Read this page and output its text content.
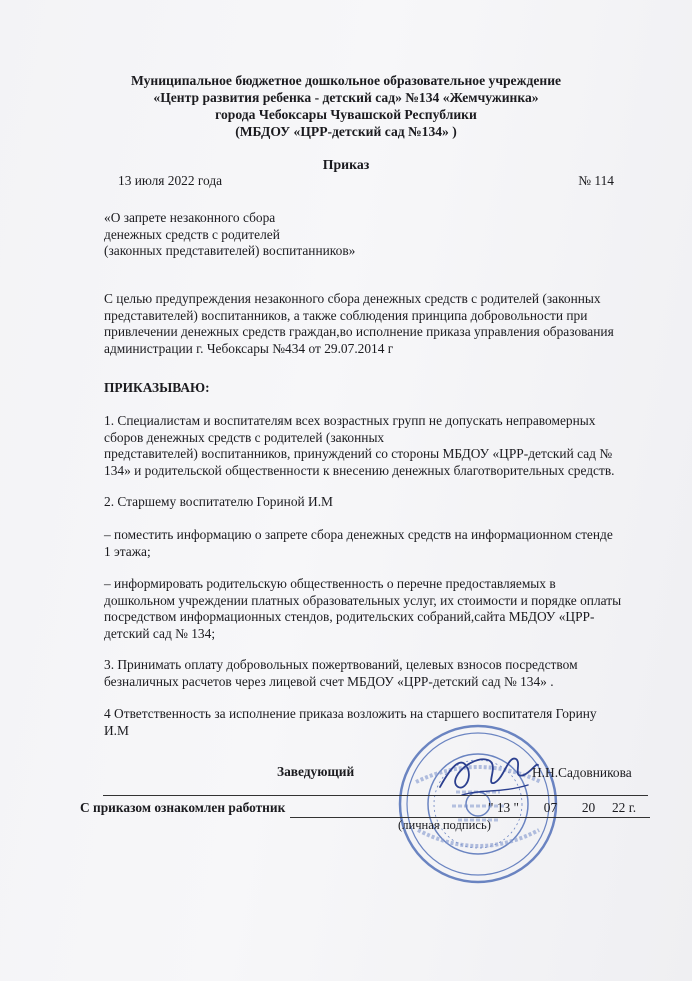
Муниципальное бюджетное дошкольное образовательное учреждение
«Центр развития ребенка - детский сад» №134 «Жемчужинка»
города Чебоксары Чувашской Республики
(МБДОУ «ЦРР-детский сад №134» )
Приказ
13 июля 2022 года	№ 114
«О запрете незаконного сбора
денежных средств с родителей
(законных представителей) воспитанников»
С целью предупреждения незаконного сбора денежных средств с родителей (законных
представителей) воспитанников, а также соблюдения принципа добровольности при
привлечении денежных средств граждан,во исполнение приказа управления образования
администрации г. Чебоксары №434 от 29.07.2014 г
ПРИКАЗЫВАЮ:
1. Специалистам и воспитателям всех возрастных групп не допускать неправомерных
сборов денежных средств с родителей (законных
представителей) воспитанников, принуждений со стороны МБДОУ «ЦРР-детский сад №
134» и родительской общественности к внесению денежных благотворительных средств.
2. Старшему воспитателю Гориной И.М
– поместить информацию о запрете сбора денежных средств на информационном стенде
1 этажа;
– информировать родительскую общественность о перечне предоставляемых в
дошкольном учреждении платных образовательных услуг, их стоимости и порядке оплаты
посредством информационных стендов, родительских собраний,сайта МБДОУ «ЦРР-
детский сад № 134;
3. Принимать оплату добровольных пожертвований, целевых взносов посредством
безналичных расчетов через лицевой счет МБДОУ «ЦРР-детский сад № 134» .
4 Ответственность за исполнение приказа возложить на старшего воспитателя Горину
И.М
Заведующий	Н.Н.Садовникова
С приказом ознакомлен работник	" 13 " 07 20 22 г.
(личная подпись)
